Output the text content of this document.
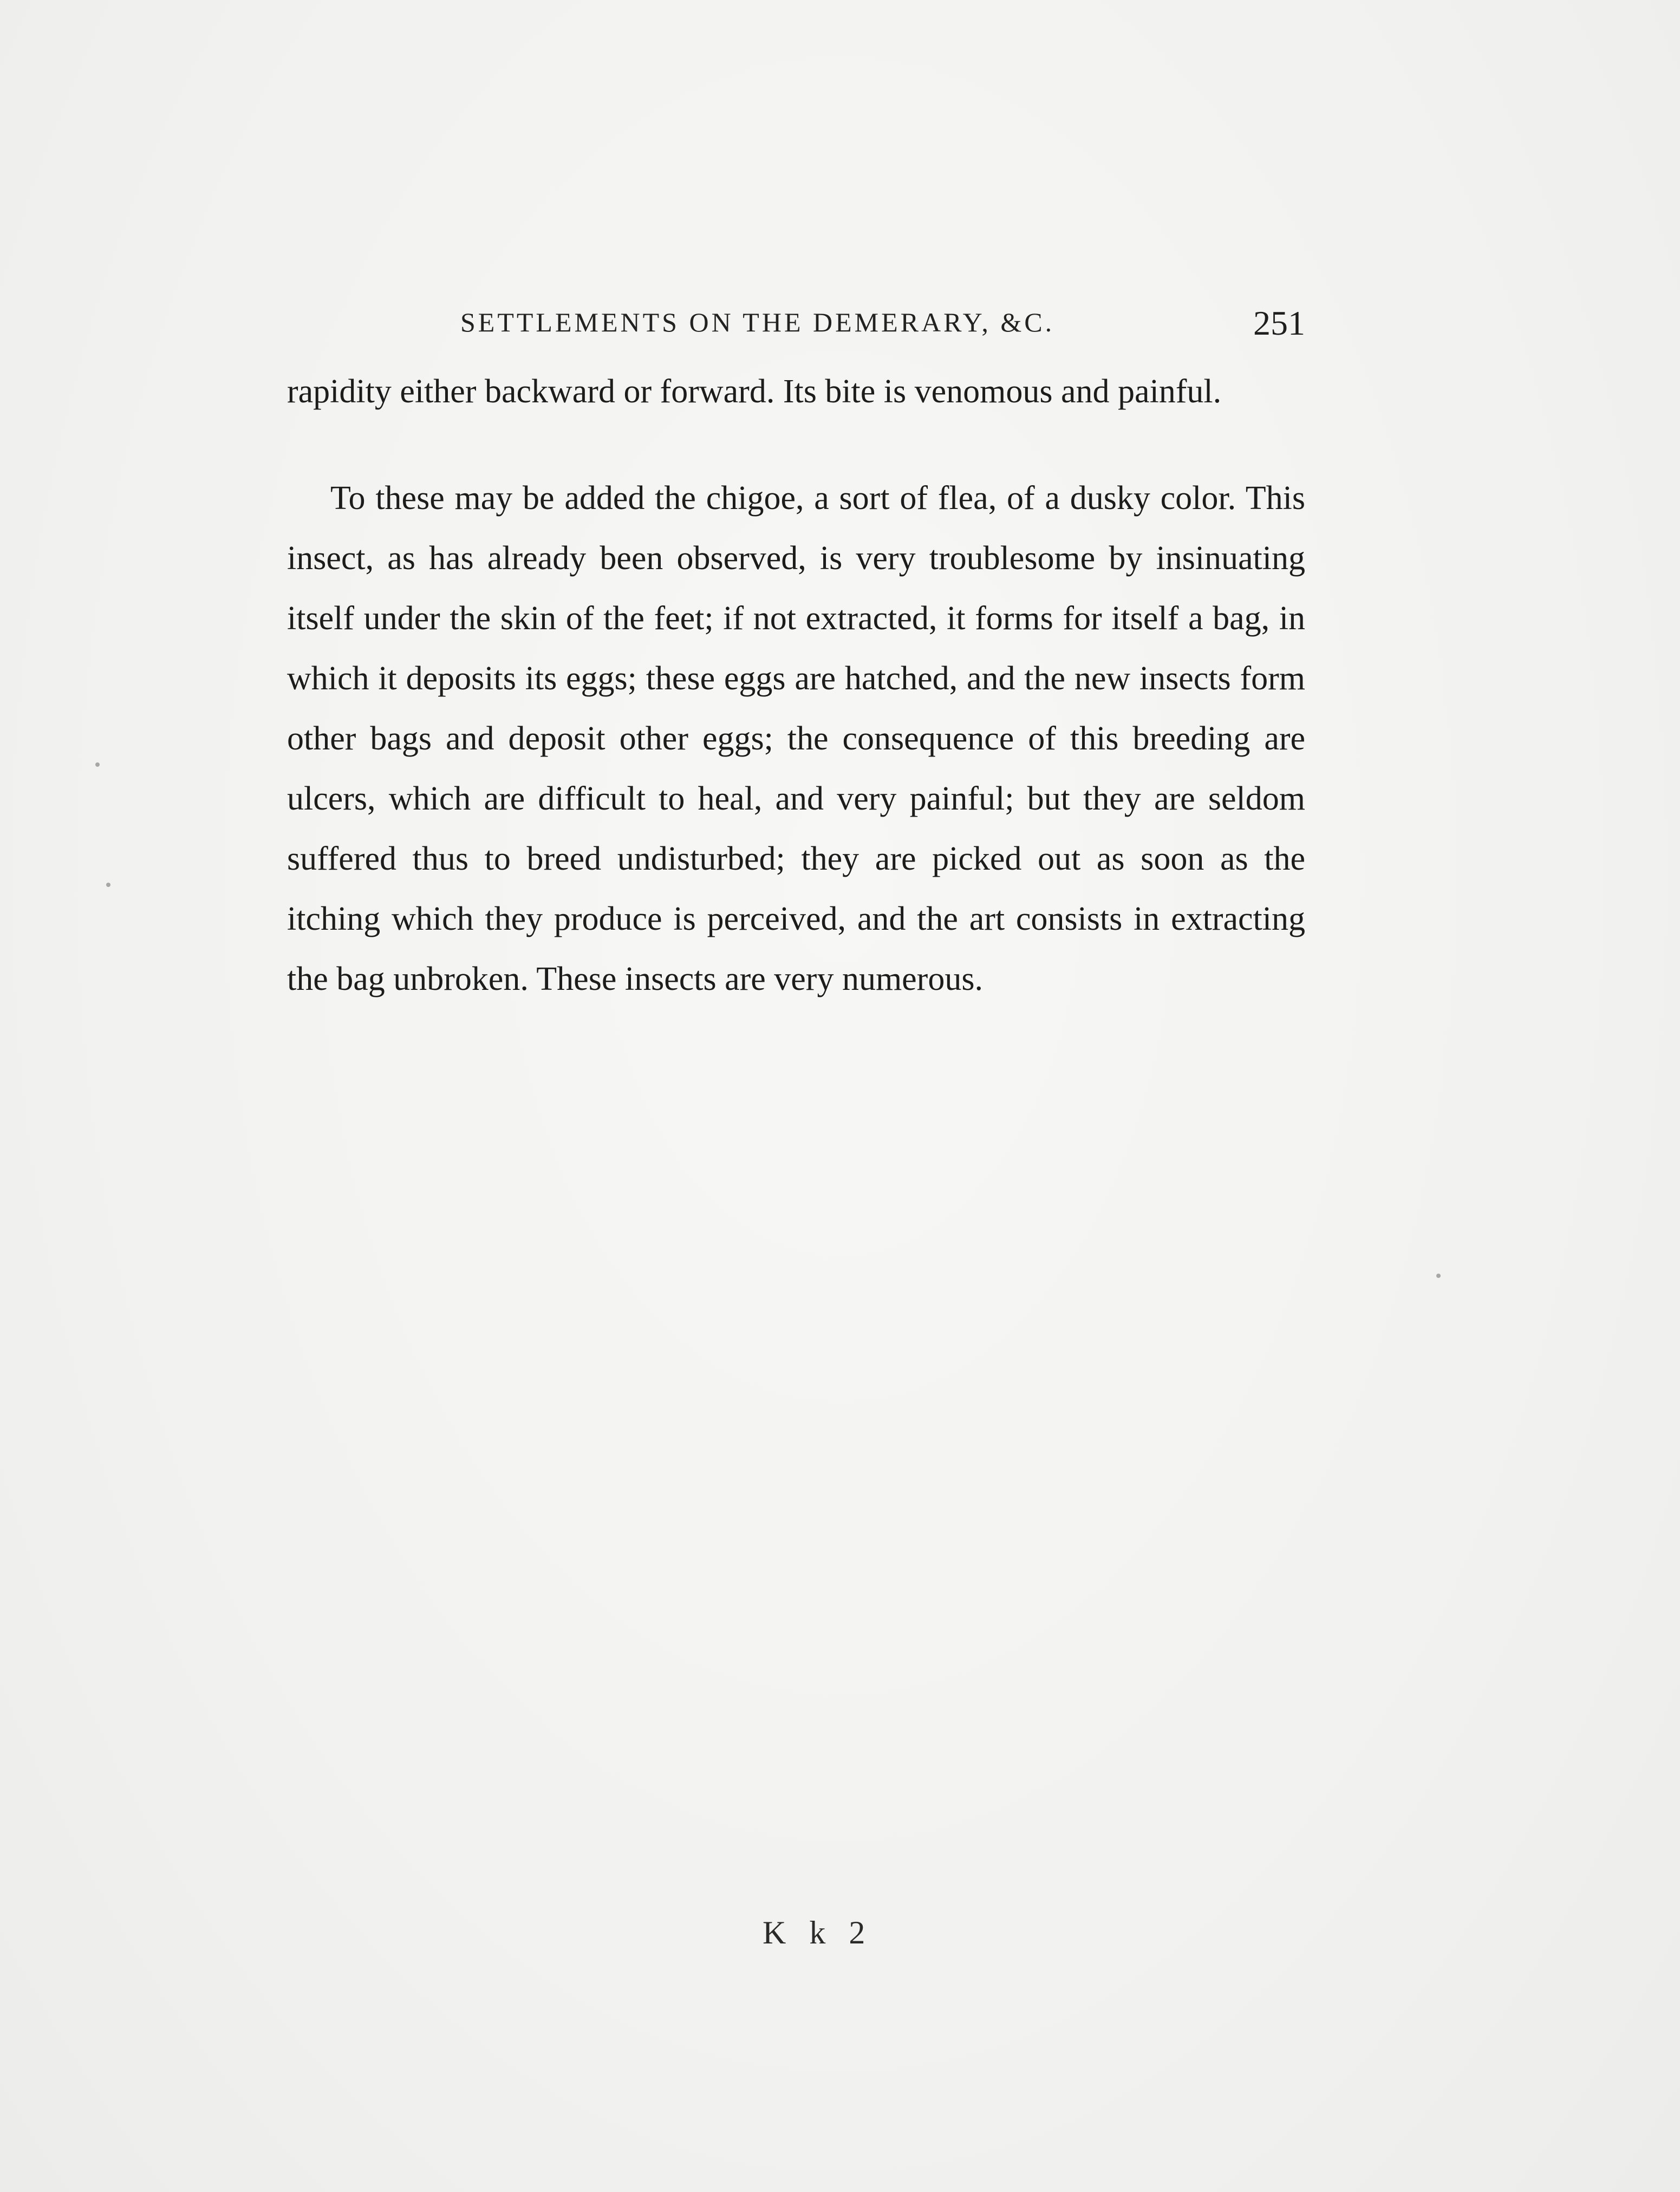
SETTLEMENTS ON THE DEMERARY, &C.	251

rapidity either backward or forward. Its bite is venomous and painful.

To these may be added the chigoe, a sort of flea, of a dusky color. This insect, as has already been observed, is very troublesome by insinuating itself under the skin of the feet; if not extracted, it forms for itself a bag, in which it deposits its eggs; these eggs are hatched, and the new insects form other bags and deposit other eggs; the consequence of this breeding are ulcers, which are difficult to heal, and very painful; but they are seldom suffered thus to breed undisturbed; they are picked out as soon as the itching which they produce is perceived, and the art consists in extracting the bag unbroken. These insects are very numerous.

K k 2
